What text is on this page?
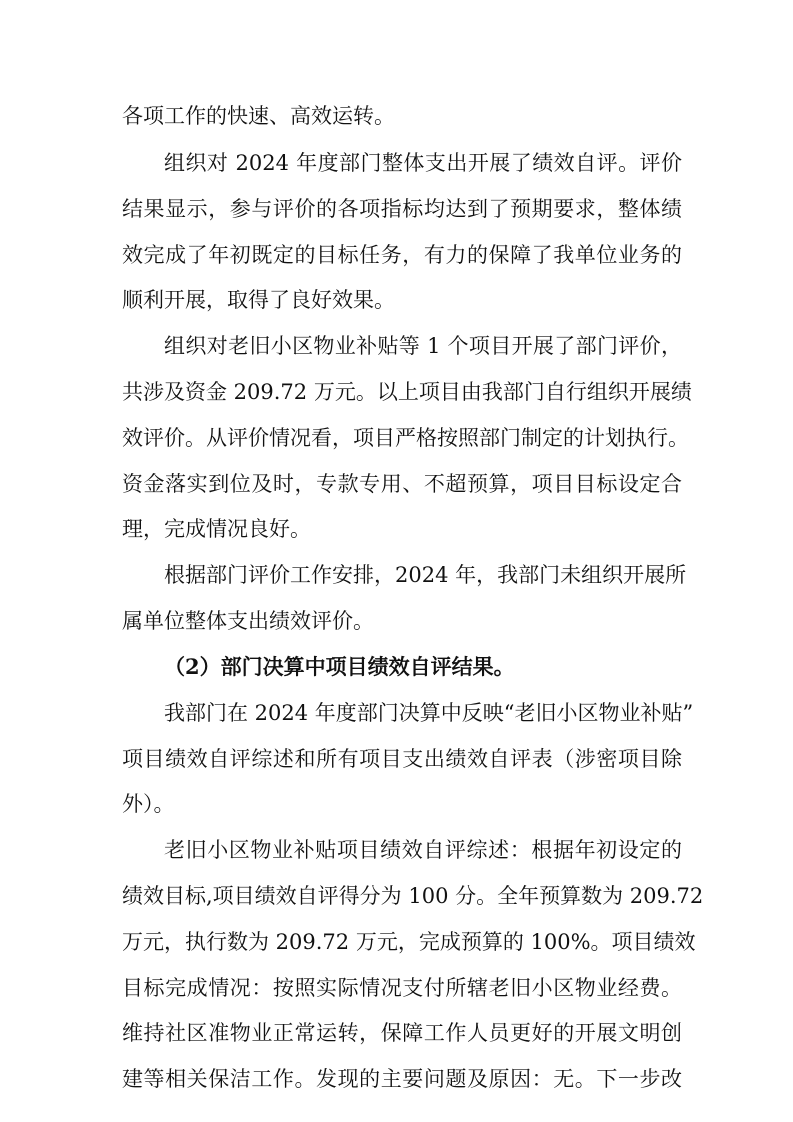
各项工作的快速、高效运转。
组织对 2024 年度部门整体支出开展了绩效自评。评价
结果显示，参与评价的各项指标均达到了预期要求，整体绩
效完成了年初既定的目标任务，有力的保障了我单位业务的
顺利开展，取得了良好效果。
组织对老旧小区物业补贴等 1 个项目开展了部门评价，
共涉及资金 209.72 万元。以上项目由我部门自行组织开展绩
效评价。从评价情况看，项目严格按照部门制定的计划执行。
资金落实到位及时，专款专用、不超预算，项目目标设定合
理，完成情况良好。
根据部门评价工作安排，2024 年，我部门未组织开展所
属单位整体支出绩效评价。
（2）部门决算中项目绩效自评结果。
我部门在 2024 年度部门决算中反映“老旧小区物业补贴”
项目绩效自评综述和所有项目支出绩效自评表（涉密项目除
外）。
老旧小区物业补贴项目绩效自评综述：根据年初设定的
绩效目标,项目绩效自评得分为 100 分。全年预算数为 209.72
万元，执行数为 209.72 万元，完成预算的 100%。项目绩效
目标完成情况：按照实际情况支付所辖老旧小区物业经费。
维持社区准物业正常运转，保障工作人员更好的开展文明创
建等相关保洁工作。发现的主要问题及原因：无。下一步改
